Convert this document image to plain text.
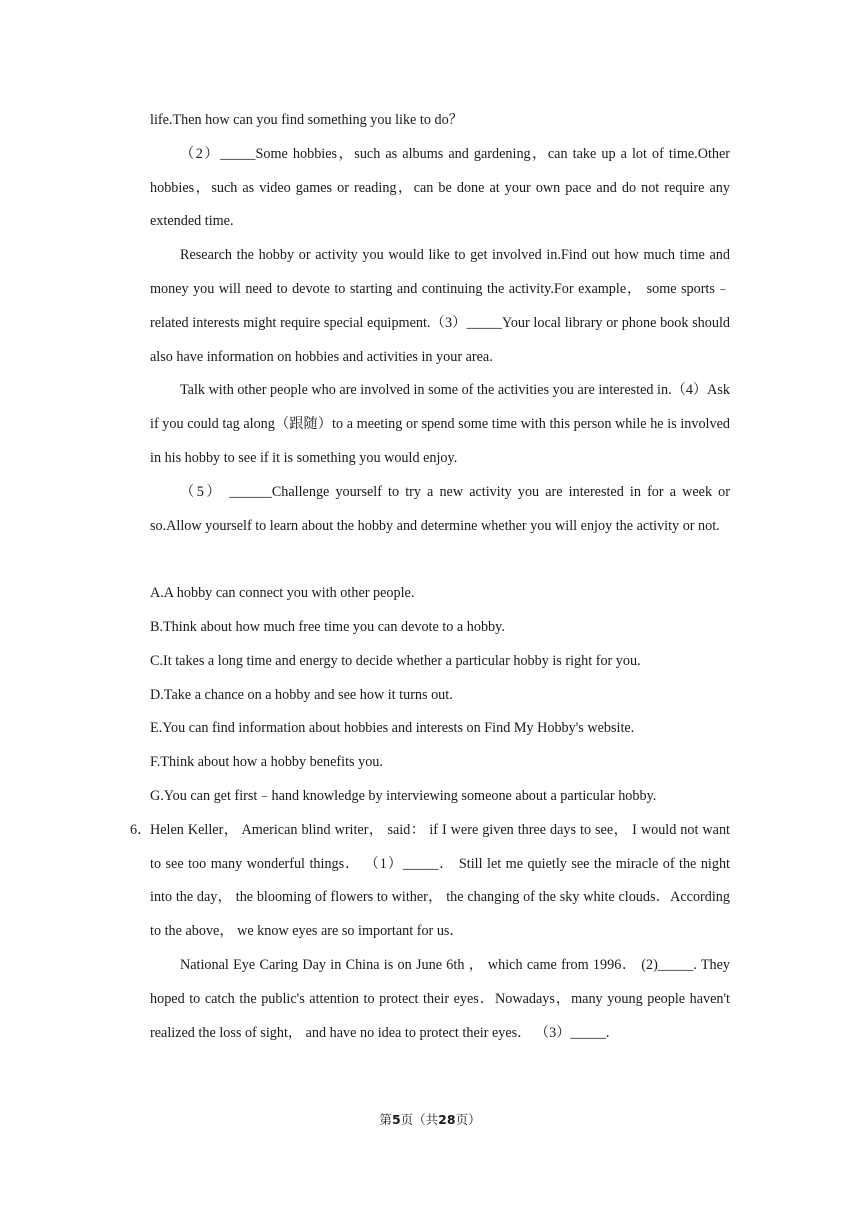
life.Then how can you find something you like to do？

（2）_____Some hobbies，such as albums and gardening，can take up a lot of time.Other hobbies，such as video games or reading，can be done at your own pace and do not require any extended time.

Research the hobby or activity you would like to get involved in.Find out how much time and money you will need to devote to starting and continuing the activity.For example， some sports﹣related interests might require special equipment.（3）_____Your local library or phone book should also have information on hobbies and activities in your area.

Talk with other people who are involved in some of the activities you are interested in.（4）Ask if you could tag along（跟随）to a meeting or spend some time with this person while he is involved in his hobby to see if it is something you would enjoy.

（5） ______Challenge yourself to try a new activity you are interested in for a week or so.Allow yourself to learn about the hobby and determine whether you will enjoy the activity or not.

A.A hobby can connect you with other people.

B.Think about how much free time you can devote to a hobby.

C.It takes a long time and energy to decide whether a particular hobby is right for you.

D.Take a chance on a hobby and see how it turns out.

E.You can find information about hobbies and interests on Find My Hobby's website.

F.Think about how a hobby benefits you.

G.You can get first﹣hand knowledge by interviewing someone about a particular hobby.

6．

Helen Keller， American blind writer， said： if I were given three days to see， I would not want to see too many wonderful things． （1）_____． Still let me quietly see the miracle of the night into the day， the blooming of flowers to wither， the changing of the sky white clouds．According to the above， we know eyes are so important for us．

National Eye Caring Day in China is on June 6th ， which came from 1996． (2)_____. They hoped to catch the public's attention to protect their eyes．Nowadays，many young people haven't realized the loss of sight， and have no idea to protect their eyes． （3）_____.

第5页（共28页）
